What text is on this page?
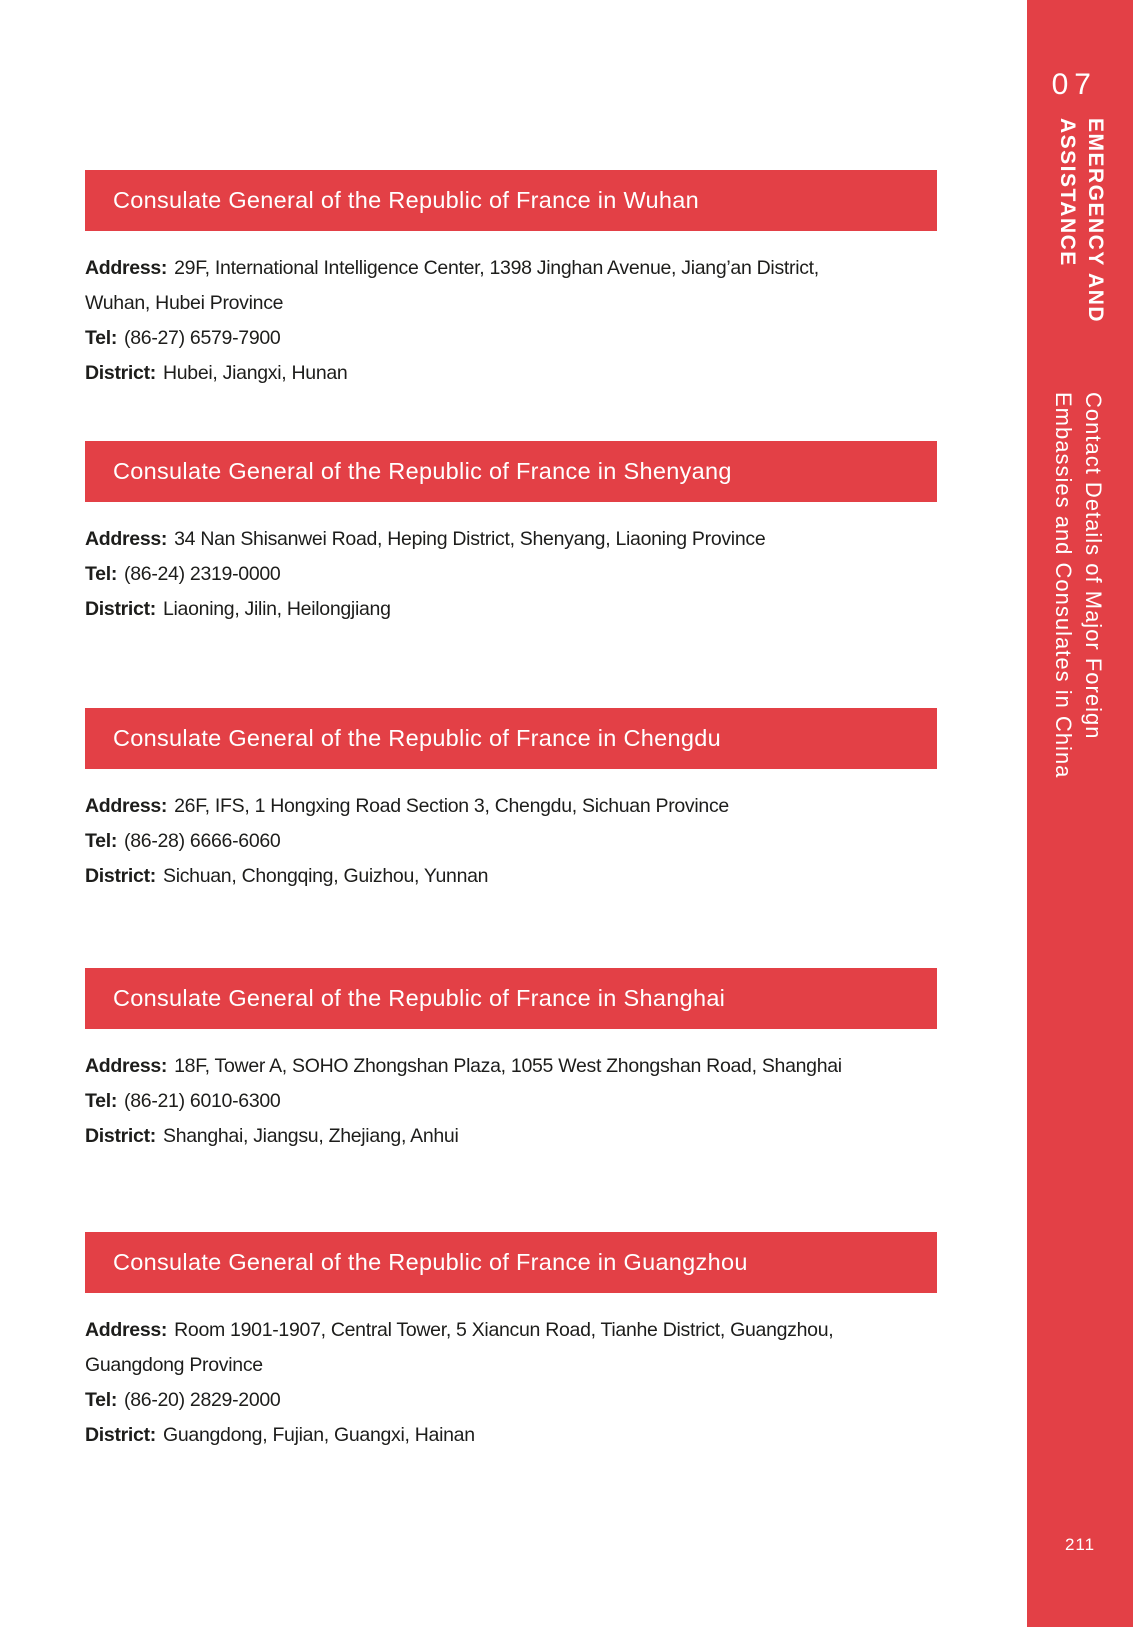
Consulate General of the Republic of France in Wuhan
Address: 29F, International Intelligence Center, 1398 Jinghan Avenue, Jiang’an District,
Wuhan, Hubei Province
Tel: (86-27) 6579-7900
District: Hubei, Jiangxi, Hunan
Consulate General of the Republic of France in Shenyang
Address: 34 Nan Shisanwei Road, Heping District, Shenyang, Liaoning Province
Tel: (86-24) 2319-0000
District: Liaoning, Jilin, Heilongjiang
Consulate General of the Republic of France in Chengdu
Address: 26F, IFS, 1 Hongxing Road Section 3, Chengdu, Sichuan Province
Tel: (86-28) 6666-6060
District: Sichuan, Chongqing, Guizhou, Yunnan
Consulate General of the Republic of France in Shanghai
Address: 18F, Tower A, SOHO Zhongshan Plaza, 1055 West Zhongshan Road, Shanghai
Tel: (86-21) 6010-6300
District: Shanghai, Jiangsu, Zhejiang, Anhui
Consulate General of the Republic of France in Guangzhou
Address: Room 1901-1907, Central Tower, 5 Xiancun Road, Tianhe District, Guangzhou,
Guangdong Province
Tel: (86-20) 2829-2000
District: Guangdong, Fujian, Guangxi, Hainan
07
EMERGENCY AND
ASSISTANCE
Contact Details of Major Foreign
Embassies and Consulates in China
211
